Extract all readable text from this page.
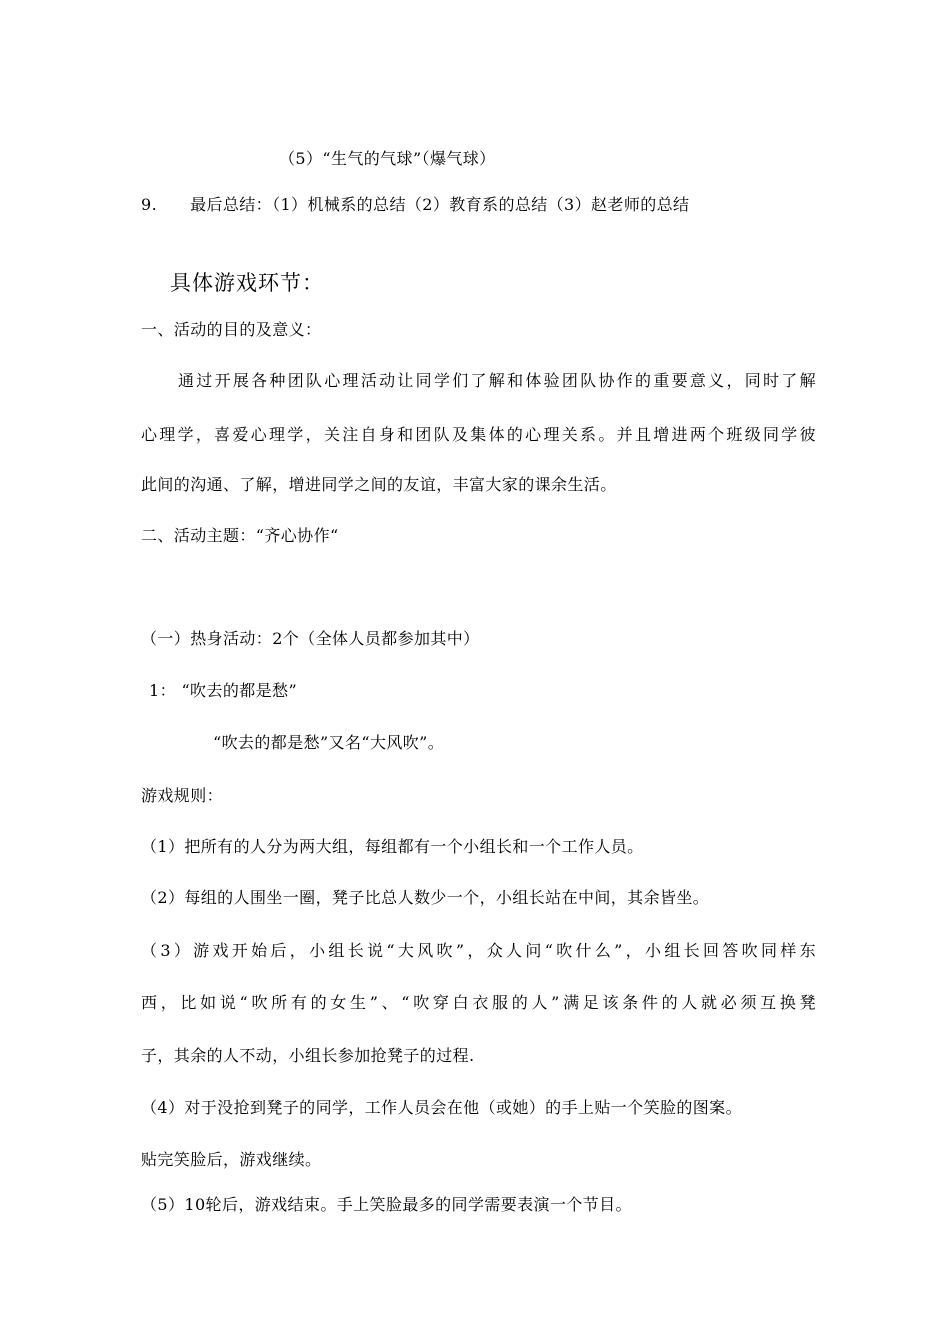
（5）“生气的气球”（爆气球）
9. 最后总结：（1）机械系的总结（2）教育系的总结（3）赵老师的总结
具体游戏环节：
一、活动的目的及意义：
通过开展各种团队心理活动让同学们了解和体验团队协作的重要意义，同时了解
心理学，喜爱心理学，关注自身和团队及集体的心理关系。并且增进两个班级同学彼
此间的沟通、了解，增进同学之间的友谊，丰富大家的课余生活。
二、活动主题：“齐心协作“
（一）热身活动：2个（全体人员都参加其中）
1： “吹去的都是愁”
“吹去的都是愁”又名“大风吹”。
游戏规则：
（1）把所有的人分为两大组，每组都有一个小组长和一个工作人员。
（2）每组的人围坐一圈，凳子比总人数少一个，小组长站在中间，其余皆坐。
（3）游戏开始后，小组长说“大风吹”，众人问“吹什么”，小组长回答吹同样东
西，比如说“吹所有的女生”、“吹穿白衣服的人”满足该条件的人就必须互换凳
子，其余的人不动，小组长参加抢凳子的过程.
（4）对于没抢到凳子的同学，工作人员会在他（或她）的手上贴一个笑脸的图案。
贴完笑脸后，游戏继续。
（5）10轮后，游戏结束。手上笑脸最多的同学需要表演一个节目。
